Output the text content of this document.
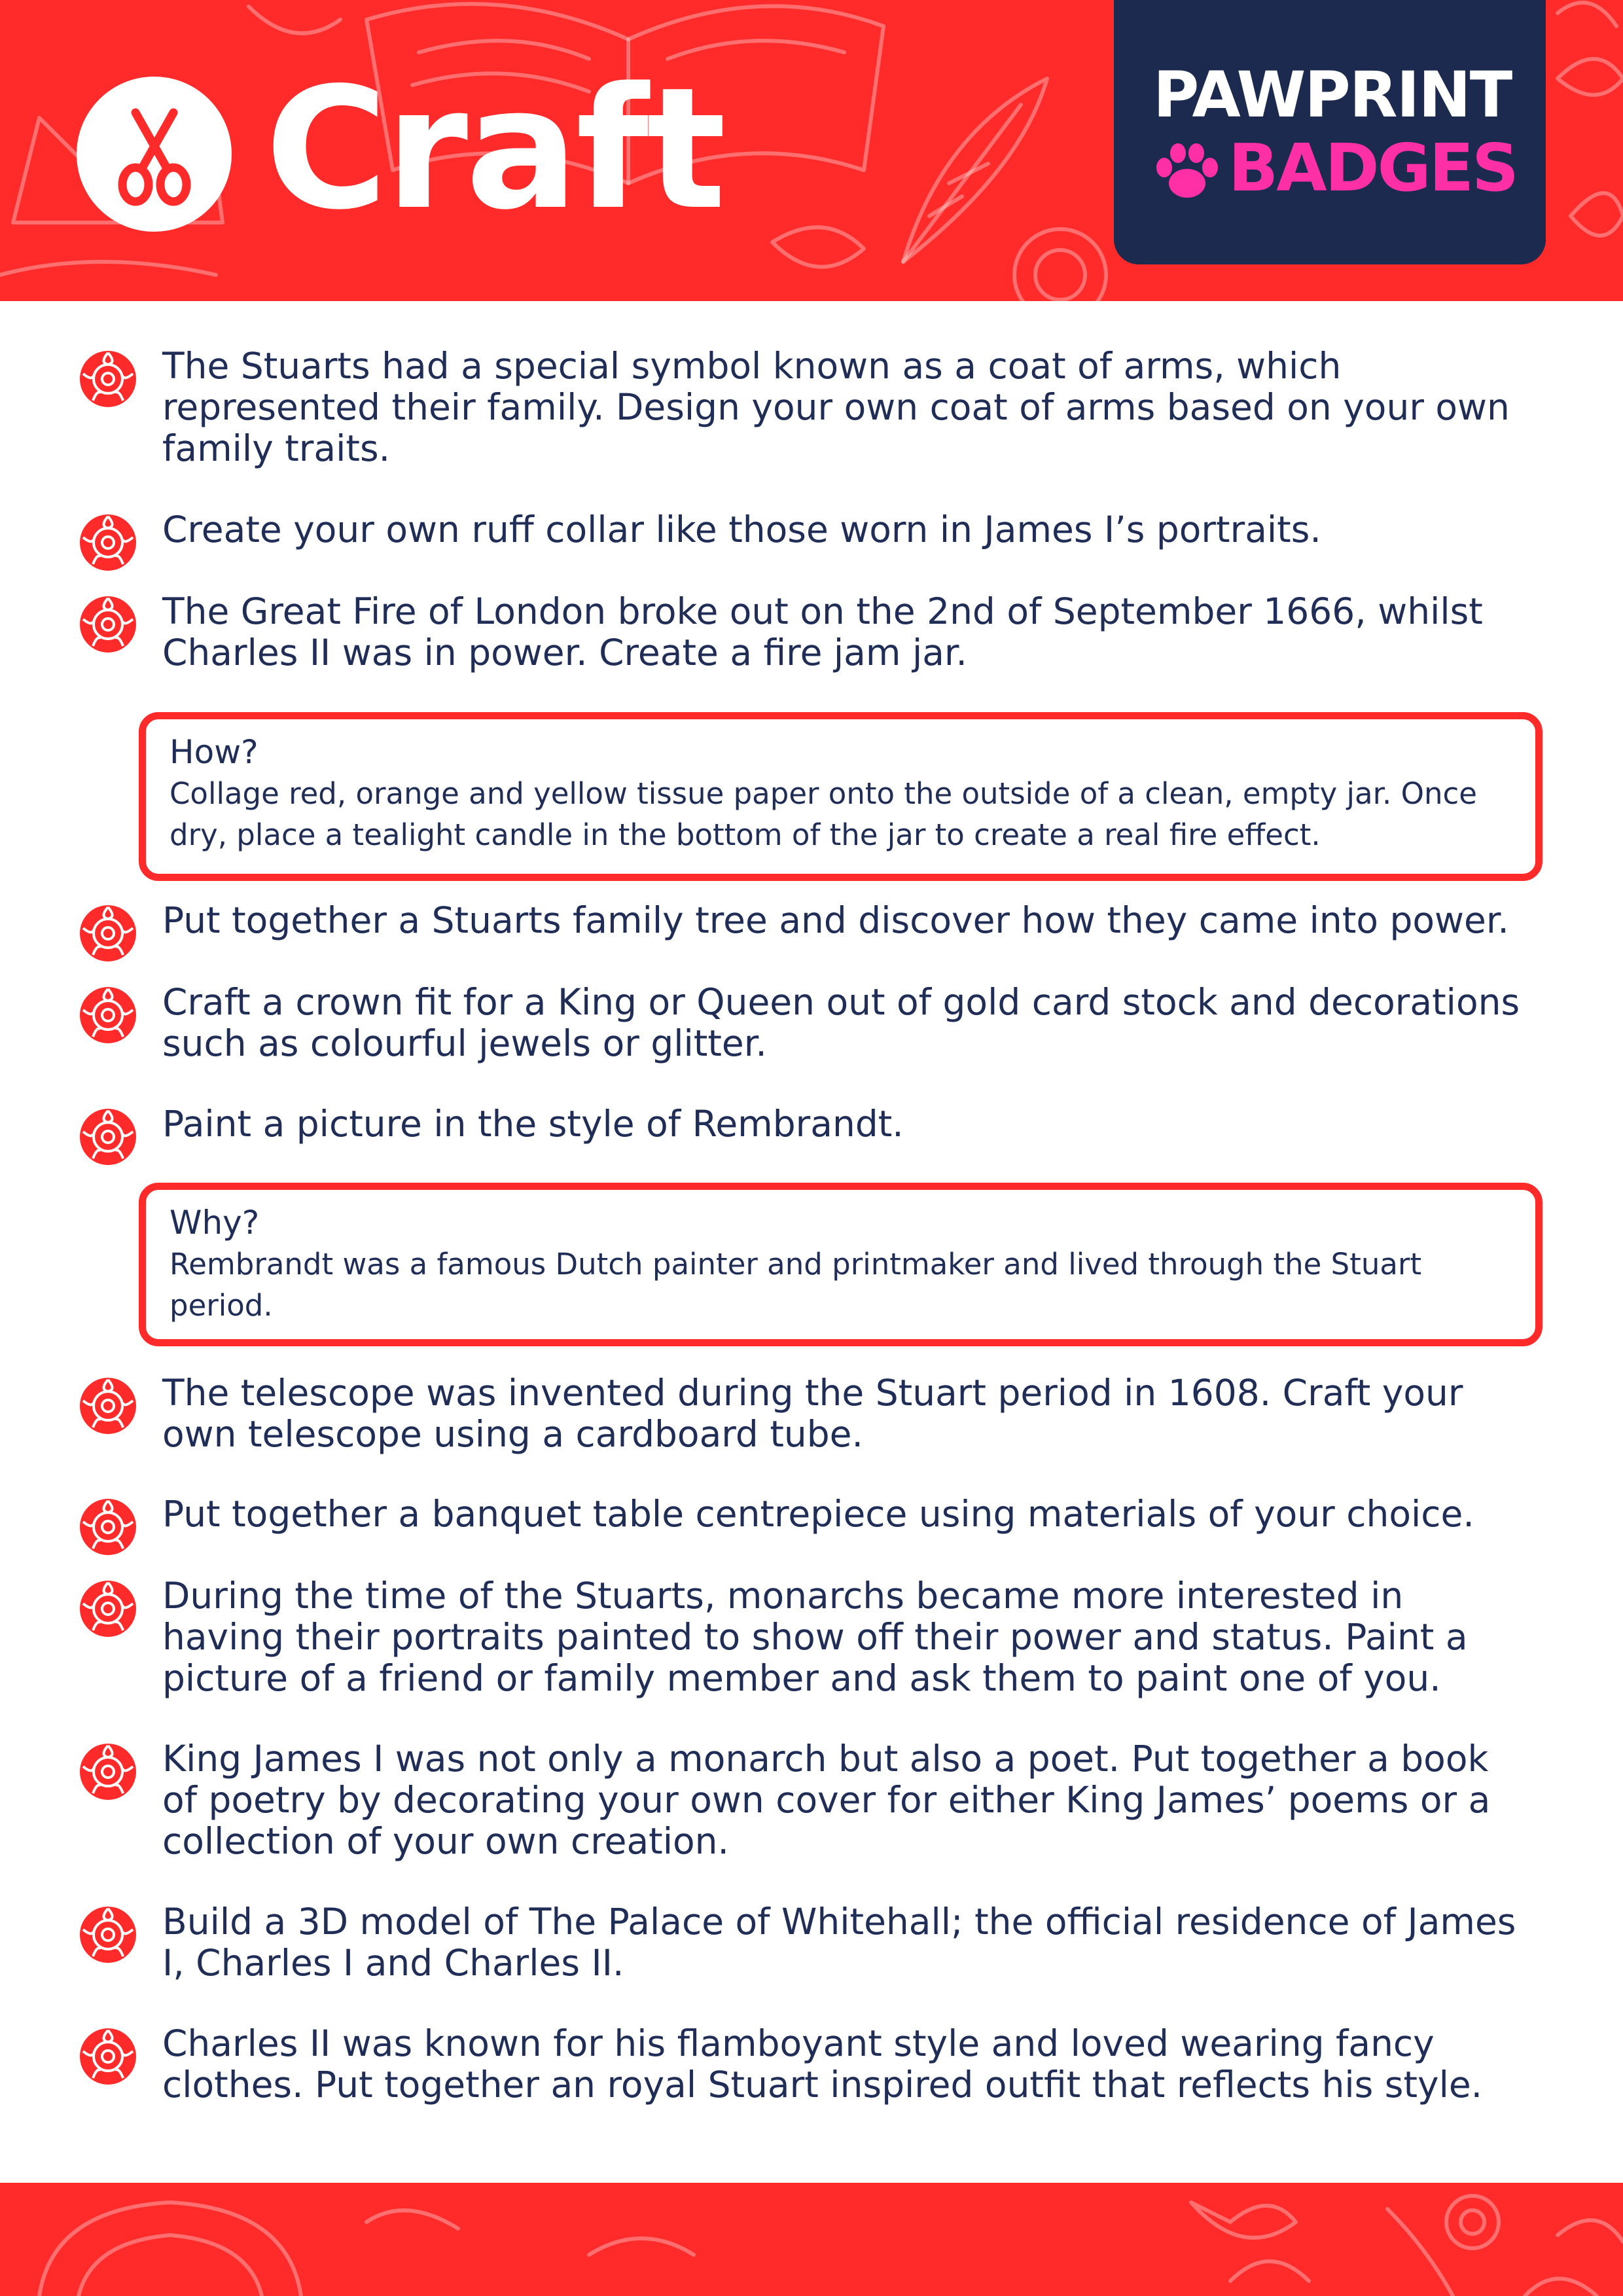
Craft	PAWPRINT
BADGES

The Stuarts had a special symbol known as a coat of arms, which represented their family. Design your own coat of arms based on your own family traits.

Create your own ruff collar like those worn in James I’s portraits.

The Great Fire of London broke out on the 2nd of September 1666, whilst Charles II was in power. Create a fire jam jar.

How?

Collage red, orange and yellow tissue paper onto the outside of a clean, empty jar. Once dry, place a tealight candle in the bottom of the jar to create a real fire effect.

Put together a Stuarts family tree and discover how they came into power.

Craft a crown fit for a King or Queen out of gold card stock and decorations such as colourful jewels or glitter.

Paint a picture in the style of Rembrandt.

Why?

Rembrandt was a famous Dutch painter and printmaker and lived through the Stuart period.

The telescope was invented during the Stuart period in 1608. Craft your own telescope using a cardboard tube.

Put together a banquet table centrepiece using materials of your choice.

During the time of the Stuarts, monarchs became more interested in having their portraits painted to show off their power and status. Paint a picture of a friend or family member and ask them to paint one of you.

King James I was not only a monarch but also a poet. Put together a book of poetry by decorating your own cover for either King James’ poems or a collection of your own creation.

Build a 3D model of The Palace of Whitehall; the official residence of James I, Charles I and Charles II.

Charles II was known for his flamboyant style and loved wearing fancy clothes. Put together an royal Stuart inspired outfit that reflects his style.
